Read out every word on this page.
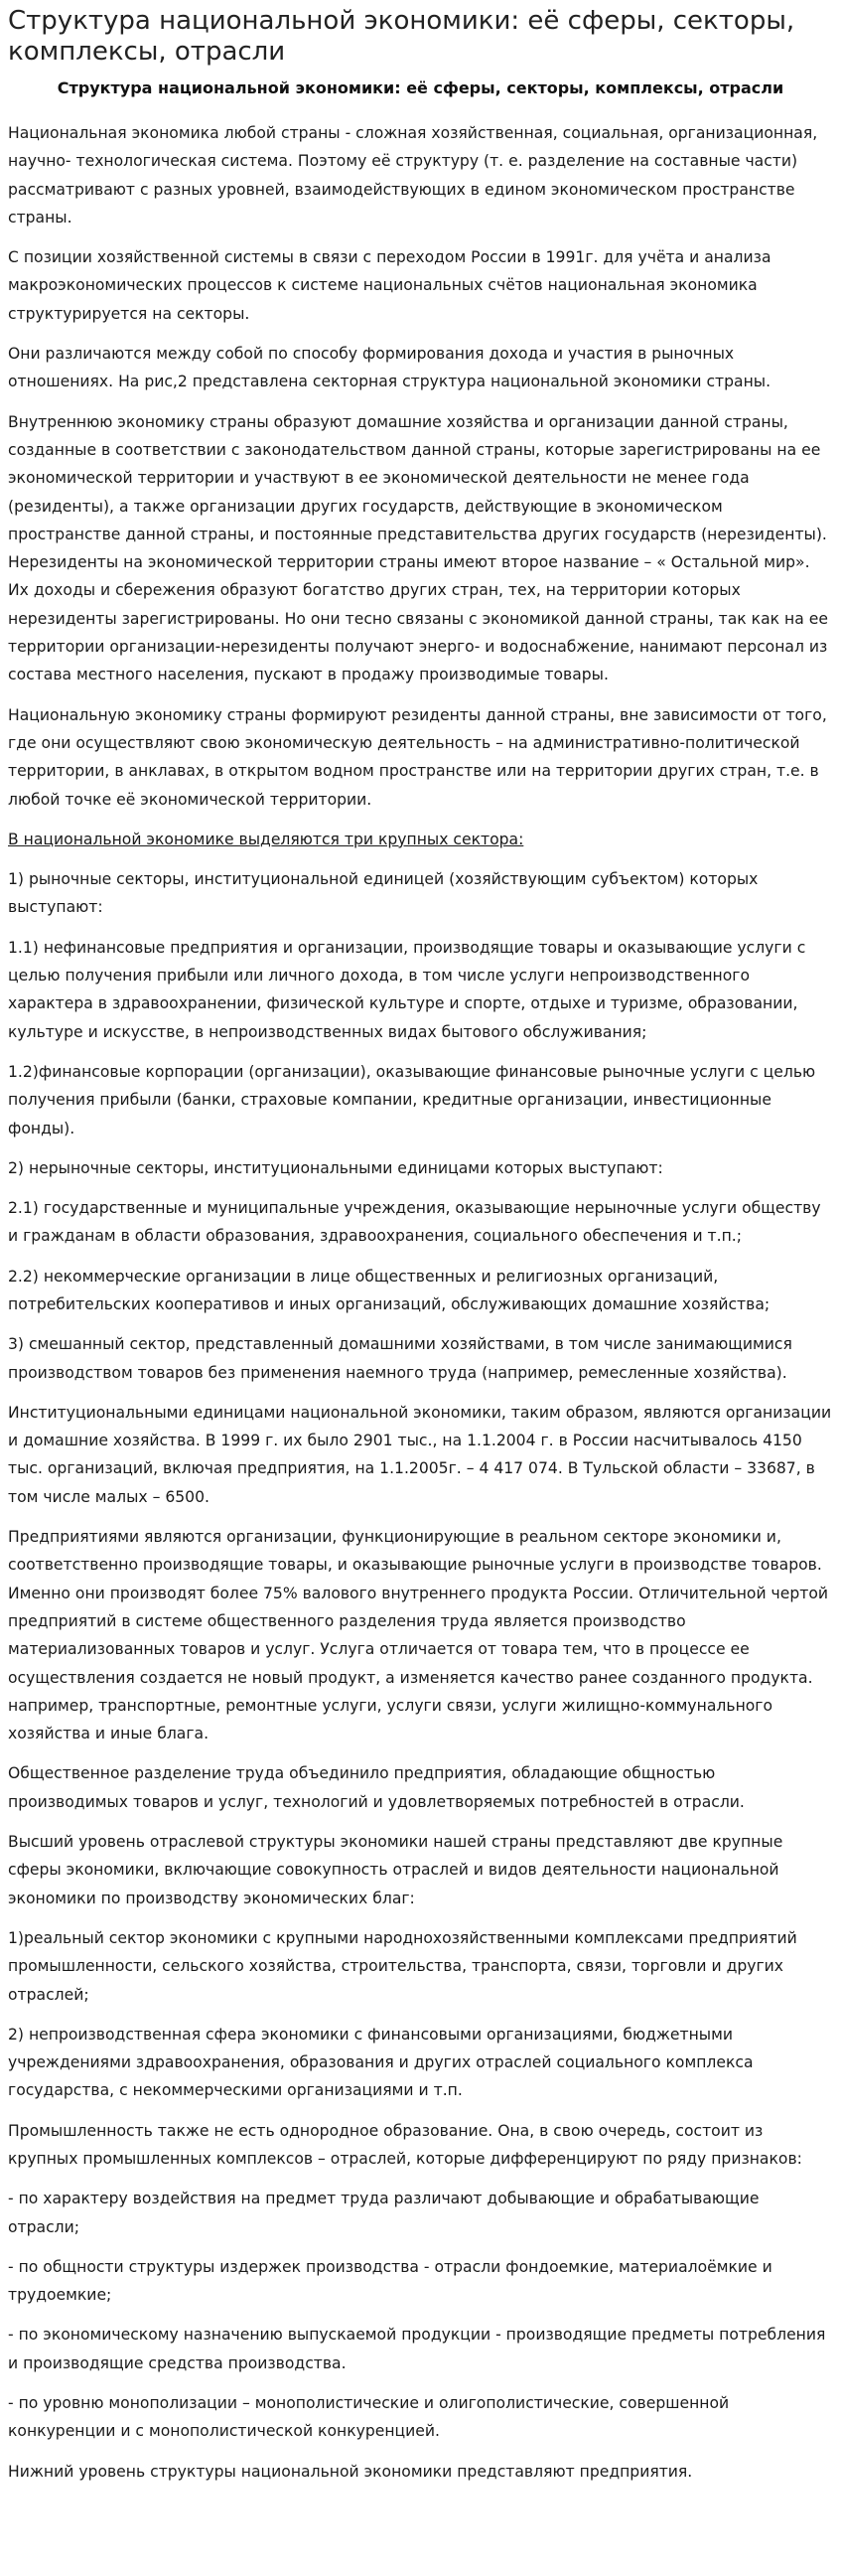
Структура национальной экономики: её сферы, секторы, комплексы, отрасли
Структура национальной экономики: её сферы, секторы, комплексы, отрасли

Национальная экономика любой страны - сложная хозяйственная, социальная, организационная, научно- технологическая система. Поэтому её структуру (т. е. разделение на составные части) рассматривают с разных уровней, взаимодействующих в едином экономическом пространстве страны.

С позиции хозяйственной системы в связи с переходом России в 1991г. для учёта и анализа макроэкономических процессов к системе национальных счётов национальная экономика структурируется на секторы.

Они различаются между собой по способу формирования дохода и участия в рыночных отношениях. На рис,2 представлена секторная структура национальной экономики страны.

Внутреннюю экономику страны образуют домашние хозяйства и организации данной страны, созданные в соответствии с законодательством данной страны, которые зарегистрированы на ее экономической территории и участвуют в ее экономической деятельности не менее года (резиденты), а также организации других государств, действующие в экономическом пространстве данной страны, и постоянные представительства других государств (нерезиденты). Нерезиденты на экономической территории страны имеют второе название – « Остальной мир». Их доходы и сбережения образуют богатство других стран, тех, на территории которых нерезиденты зарегистрированы. Но они тесно связаны с экономикой данной страны, так как на ее территории организации-нерезиденты получают энерго- и водоснабжение, нанимают персонал из состава местного населения, пускают в продажу производимые товары.

Национальную экономику страны формируют резиденты данной страны, вне зависимости от того, где они осуществляют свою экономическую деятельность – на административно-политической территории, в анклавах, в открытом водном пространстве или на территории других стран, т.е. в любой точке её экономической территории.

В национальной экономике выделяются три крупных сектора:

1) рыночные секторы, институциональной единицей (хозяйствующим субъектом) которых выступают:

1.1) нефинансовые предприятия и организации, производящие товары и оказывающие услуги с целью получения прибыли или личного дохода, в том числе услуги непроизводственного характера в здравоохранении, физической культуре и спорте, отдыхе и туризме, образовании, культуре и искусстве, в непроизводственных видах бытового обслуживания;

1.2)финансовые корпорации (организации), оказывающие финансовые рыночные услуги с целью получения прибыли (банки, страховые компании, кредитные организации, инвестиционные фонды).

2) нерыночные секторы, институциональными единицами которых выступают:

2.1) государственные и муниципальные учреждения, оказывающие нерыночные услуги обществу и гражданам в области образования, здравоохранения, социального обеспечения и т.п.;

2.2) некоммерческие организации в лице общественных и религиозных организаций, потребительских кооперативов и иных организаций, обслуживающих домашние хозяйства;

3) смешанный сектор, представленный домашними хозяйствами, в том числе занимающимися производством товаров без применения наемного труда (например, ремесленные хозяйства).

Институциональными единицами национальной экономики, таким образом, являются организации и домашние хозяйства. В 1999 г. их было 2901 тыс., на 1.1.2004 г. в России насчитывалось 4150 тыс. организаций, включая предприятия, на 1.1.2005г. – 4 417 074. В Тульской области – 33687, в том числе малых – 6500.

Предприятиями являются организации, функционирующие в реальном секторе экономики и, соответственно производящие товары, и оказывающие рыночные услуги в производстве товаров. Именно они производят более 75% валового внутреннего продукта России. Отличительной чертой предприятий в системе общественного разделения труда является производство материализованных товаров и услуг. Услуга отличается от товара тем, что в процессе ее осуществления создается не новый продукт, а изменяется качество ранее созданного продукта. например, транспортные, ремонтные услуги, услуги связи, услуги жилищно-коммунального хозяйства и иные блага.

Общественное разделение труда объединило предприятия, обладающие общностью производимых товаров и услуг, технологий и удовлетворяемых потребностей в отрасли.

Высший уровень отраслевой структуры экономики нашей страны представляют две крупные сферы экономики, включающие совокупность отраслей и видов деятельности национальной экономики по производству экономических благ:

1)реальный сектор экономики с крупными народнохозяйственными комплексами предприятий промышленности, сельского хозяйства, строительства, транспорта, связи, торговли и других отраслей;

2) непроизводственная сфера экономики с финансовыми организациями, бюджетными учреждениями здравоохранения, образования и других отраслей социального комплекса государства, с некоммерческими организациями и т.п.

Промышленность также не есть однородное образование. Она, в свою очередь, состоит из крупных промышленных комплексов – отраслей, которые дифференцируют по ряду признаков:

- по характеру воздействия на предмет труда различают добывающие и обрабатывающие отрасли;

- по общности структуры издержек производства - отрасли фондоемкие, материалоёмкие и трудоемкие;

- по экономическому назначению выпускаемой продукции - производящие предметы потребления и производящие средства производства.

- по уровню монополизации – монополистические и олигополистические, совершенной конкуренции и с монополистической конкуренцией.

Нижний уровень структуры национальной экономики представляют предприятия.
